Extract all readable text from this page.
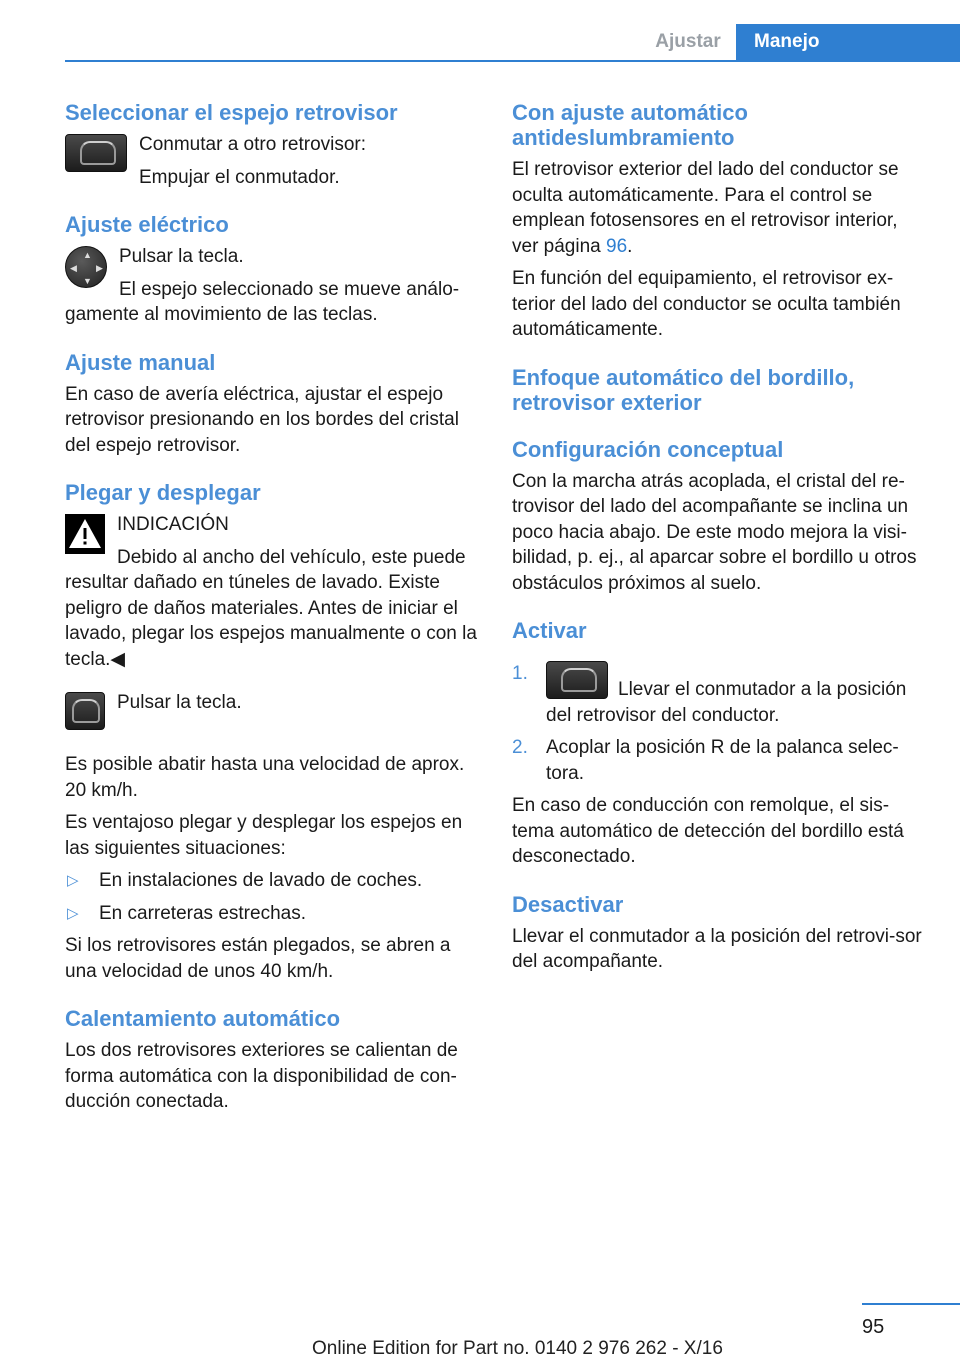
Ajustar	Manejo
Seleccionar el espejo retrovisor

Conmutar a otro retrovisor:

Empujar el conmutador.

Ajuste eléctrico
▲
▼
◀ ▶

Pulsar la tecla.

El espejo seleccionado se mueve análo‐gamente al movimiento de las teclas.

Ajuste manual

En caso de avería eléctrica, ajustar el espejo retrovisor presionando en los bordes del cristal del espejo retrovisor.

Plegar y desplegar

INDICACIÓN

Debido al ancho del vehículo, este puede resultar dañado en túneles de lavado. Existe peligro de daños materiales. Antes de iniciar el lavado, plegar los espejos manualmente o con la tecla.◀

Pulsar la tecla.

Es posible abatir hasta una velocidad de aprox. 20 km/h.

Es ventajoso plegar y desplegar los espejos en las siguientes situaciones:

▷ En instalaciones de lavado de coches.
▷ En carreteras estrechas.

Si los retrovisores están plegados, se abren a una velocidad de unos 40 km/h.

Calentamiento automático

Los dos retrovisores exteriores se calientan de forma automática con la disponibilidad de con‐ducción conectada.

Con ajuste automático antideslumbramiento

El retrovisor exterior del lado del conductor se oculta automáticamente. Para el control se emplean fotosensores en el retrovisor interior, ver página 96.

En función del equipamiento, el retrovisor ex‐terior del lado del conductor se oculta también automáticamente.

Enfoque automático del bordillo, retrovisor exterior
Configuración conceptual

Con la marcha atrás acoplada, el cristal del re‐trovisor del lado del acompañante se inclina un poco hacia abajo. De este modo mejora la visi‐bilidad, p. ej., al aparcar sobre el bordillo u otros obstáculos próximos al suelo.

Activar
1.
Llevar el conmutador a la posición del retrovisor del conductor.
2. Acoplar la posición R de la palanca selec‐tora.

En caso de conducción con remolque, el sis‐tema automático de detección del bordillo está desconectado.

Desactivar

Llevar el conmutador a la posición del retrovi‐sor del acompañante.

95
Online Edition for Part no. 0140 2 976 262 - X/16
